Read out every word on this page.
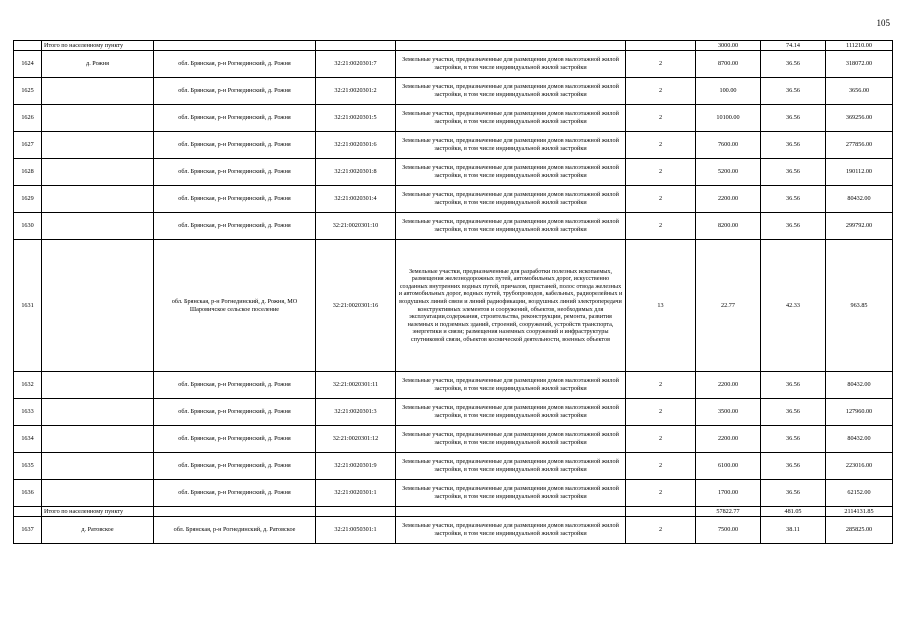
105
	Итого по населенному пункту					3000.00	74.14	111210.00
1624	д. Рожня	обл. Брянская, р-н Рогнединский, д. Рожня	32:21:0020301:7	Земельные участки, предназначенные для размещения домов малоэтажной жилой застройки, в том числе индивидуальной жилой застройки	2	8700.00	36.56	318072.00
1625		обл. Брянская, р-н Рогнединский, д. Рожня	32:21:0020301:2	Земельные участки, предназначенные для размещения домов малоэтажной жилой застройки, в том числе индивидуальной жилой застройки	2	100.00	36.56	3656.00
1626		обл. Брянская, р-н Рогнединский, д. Рожня	32:21:0020301:5	Земельные участки, предназначенные для размещения домов малоэтажной жилой застройки, в том числе индивидуальной жилой застройки	2	10100.00	36.56	369256.00
1627		обл. Брянская, р-н Рогнединский, д. Рожня	32:21:0020301:6	Земельные участки, предназначенные для размещения домов малоэтажной жилой застройки, в том числе индивидуальной жилой застройки	2	7600.00	36.56	277856.00
1628		обл. Брянская, р-н Рогнединский, д. Рожня	32:21:0020301:8	Земельные участки, предназначенные для размещения домов малоэтажной жилой застройки, в том числе индивидуальной жилой застройки	2	5200.00	36.56	190112.00
1629		обл. Брянская, р-н Рогнединский, д. Рожня	32:21:0020301:4	Земельные участки, предназначенные для размещения домов малоэтажной жилой застройки, в том числе индивидуальной жилой застройки	2	2200.00	36.56	80432.00
1630		обл. Брянская, р-н Рогнединский, д. Рожня	32:21:0020301:10	Земельные участки, предназначенные для размещения домов малоэтажной жилой застройки, в том числе индивидуальной жилой застройки	2	8200.00	36.56	299792.00
1631		обл. Брянская, р-н Рогнединский, д. Рожня, МО Шаровичское сельское поселение	32:21:0020301:16	Земельные участки, предназначенные для разработки полезных ископаемых, размещения железнодорожных путей, автомобильных дорог, искусственно созданных внутренних водных путей, причалов, пристаней, полос отвода железных и автомобильных дорог, водных путей, трубопроводов, кабельных, радиорелейных и воздушных линий связи и линий радиофикации, воздушных линий электропередачи конструктивных элементов и сооружений, объектов, необходимых для эксплуатации,содержания, строительства, реконструкции, ремонта, развития наземных и подземных зданий, строений, сооружений, устройств транспорта, энергетики и связи; размещения наземных сооружений и инфраструктуры спутниковой связи, объектов космической деятельности, военных объектов	13	22.77	42.33	963.85
1632		обл. Брянская, р-н Рогнединский, д. Рожня	32:21:0020301:11	Земельные участки, предназначенные для размещения домов малоэтажной жилой застройки, в том числе индивидуальной жилой застройки	2	2200.00	36.56	80432.00
1633		обл. Брянская, р-н Рогнединский, д. Рожня	32:21:0020301:3	Земельные участки, предназначенные для размещения домов малоэтажной жилой застройки, в том числе индивидуальной жилой застройки	2	3500.00	36.56	127960.00
1634		обл. Брянская, р-н Рогнединский, д. Рожня	32:21:0020301:12	Земельные участки, предназначенные для размещения домов малоэтажной жилой застройки, в том числе индивидуальной жилой застройки	2	2200.00	36.56	80432.00
1635		обл. Брянская, р-н Рогнединский, д. Рожня	32:21:0020301:9	Земельные участки, предназначенные для размещения домов малоэтажной жилой застройки, в том числе индивидуальной жилой застройки	2	6100.00	36.56	223016.00
1636		обл. Брянская, р-н Рогнединский, д. Рожня	32:21:0020301:1	Земельные участки, предназначенные для размещения домов малоэтажной жилой застройки, в том числе индивидуальной жилой застройки	2	1700.00	36.56	62152.00
	Итого по населенному пункту					57822.77	481.05	2114131.85
1637	д. Ратовское	обл. Брянская, р-н Рогнединский, д. Ратовское	32:21:0050301:1	Земельные участки, предназначенные для размещения домов малоэтажной жилой застройки, в том числе индивидуальной жилой застройки	2	7500.00	38.11	285825.00
